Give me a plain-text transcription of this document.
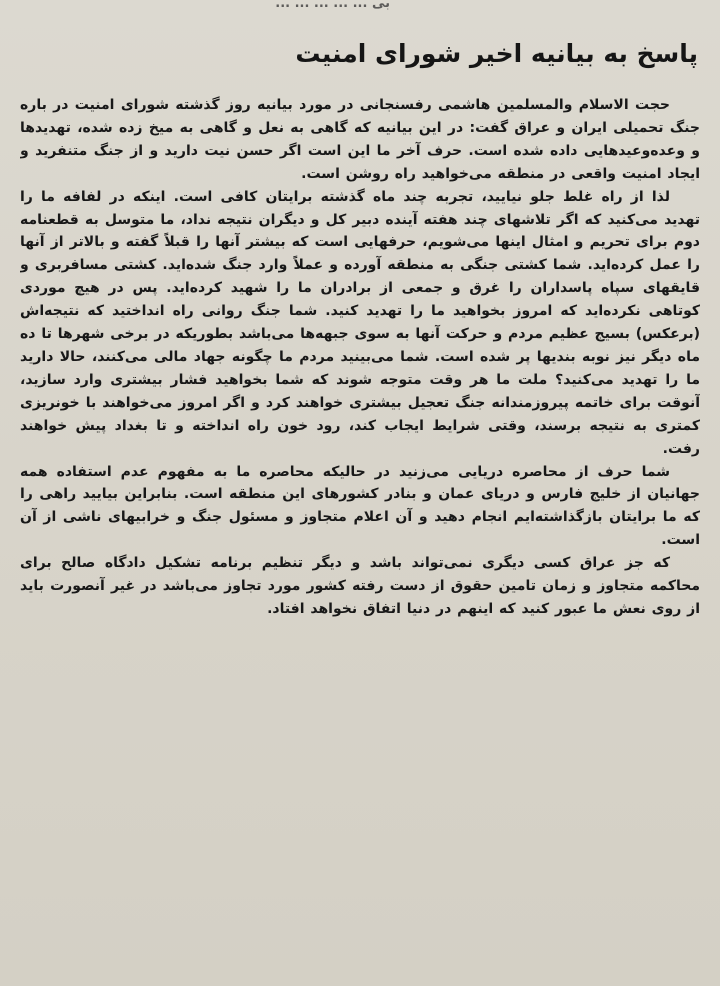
بی ... ... ... ... ...
پاسخ به بیانیه اخیر شورای امنیت

حجت الاسلام والمسلمین هاشمی رفسنجانی در مورد بیانیه روز گذشته شورای امنیت در باره جنگ تحمیلی ایران و عراق گفت: در این بیانیه که گاهی به نعل و گاهی به میخ زده شده، تهدیدها و وعده‌وعیدهایی داده شده است. حرف آخر ما این است اگر حسن نیت دارید و از جنگ متنفرید و ایجاد امنیت واقعی در منطقه می‌خواهید راه روشن است.

لذا از راه غلط جلو نیایید، تجربه چند ماه گذشته برایتان کافی است. اینکه در لفافه ما را تهدید می‌کنید که اگر تلاشهای چند هفته آینده دبیر کل و دیگران نتیجه نداد، ما متوسل به قطعنامه دوم برای تحریم و امثال اینها می‌شویم، حرفهایی است که بیشتر آنها را قبلاً گفته و بالاتر از آنها را عمل کرده‌اید. شما کشتی جنگی به منطقه آورده و عملاً وارد جنگ شده‌اید. کشتی مسافربری و قایقهای سپاه پاسداران را غرق و جمعی از برادران ما را شهید کرده‌اید. پس در هیچ موردی کوتاهی نکرده‌اید که امروز بخواهید ما را تهدید کنید. شما جنگ روانی راه انداختید که نتیجه‌اش (برعکس) بسیج عظیم مردم و حرکت آنها به سوی جبهه‌ها می‌باشد بطوریکه در برخی شهرها تا ده ماه دیگر نیز نوبه بندیها پر شده است. شما می‌بینید مردم ما چگونه جهاد مالی می‌کنند، حالا دارید ما را تهدید می‌کنید؟ ملت ما هر وقت متوجه شوند که شما بخواهید فشار بیشتری وارد سازید، آنوقت برای خاتمه پیروزمندانه جنگ تعجیل بیشتری خواهند کرد و اگر امروز می‌خواهند با خونریزی کمتری به نتیجه برسند، وقتی شرایط ایجاب کند، رود خون راه انداخته و تا بغداد پیش خواهند رفت.

شما حرف از محاصره دریایی می‌زنید در حالیکه محاصره ما به مفهوم عدم استفاده همه جهانیان از خلیج فارس و دریای عمان و بنادر کشورهای این منطقه است. بنابراین بیایید راهی را که ما برایتان بازگذاشته‌ایم انجام دهید و آن اعلام متجاوز و مسئول جنگ و خرابیهای ناشی از آن است.

که جز عراق کسی دیگری نمی‌تواند باشد و دیگر تنظیم برنامه تشکیل دادگاه صالح برای محاکمه متجاوز و زمان تامین حقوق از دست رفته کشور مورد تجاوز می‌باشد در غیر آنصورت باید از روی نعش ما عبور کنید که اینهم در دنیا اتفاق نخواهد افتاد.
